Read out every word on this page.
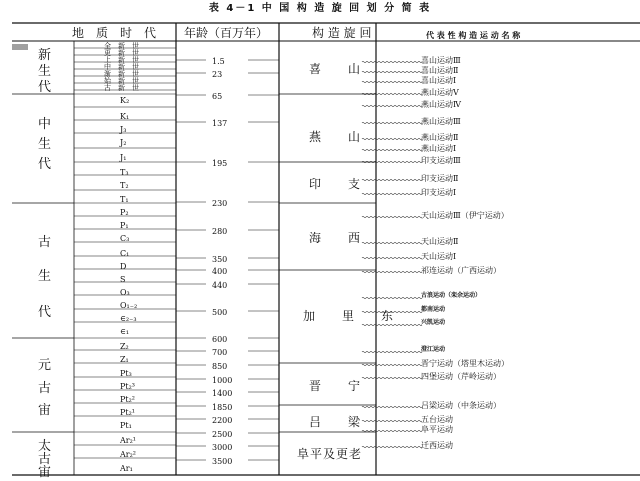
表 4－1 中 国 构 造 旋 回 划 分 简 表
地　质　时　代 年龄（百万年）	构 造 旋 回	代 表 性 构 造 运 动 名 称
新
生
代
中
生
代
古
生
代
元
古
宙
太
古
宙
全　新　世
更　新　世
上　新　世
中　新　世
渐　新　世
始　新　世
古　新　世
K₂
K₁
J₃
J₂
J₁
T₃
T₂
T₁
P₂
P₁
C₃
C₁
D
S
O₃
O₁₋₂
∈₂₋₃
∈₁
Z₂
Z₁
Pt₃
Pt₂³
Pt₂²
Pt₂¹
Pt₁
Ar₂¹
Ar₂²
Ar₁
1.5
23
65
137
195
230
280
350
400
440
500
600
700
850
1000
1400
1850
2200
2500
3000
3500
喜　　山
燕　　山
印　　支
海　　西
加　　里　　东
晋　　宁
吕　　梁
阜平及更老
喜山运动Ⅲ
喜山运动Ⅱ
喜山运动Ⅰ
燕山运动Ⅴ
燕山运动Ⅳ
燕山运动Ⅲ
燕山运动Ⅱ
燕山运动Ⅰ
印支运动Ⅲ
印支运动Ⅱ
印支运动Ⅰ
天山运动Ⅲ（伊宁运动）
天山运动Ⅱ
天山运动Ⅰ
祁连运动（广西运动）
古浪运动（栾余运动）
都南运动
兴凯运动
澄江运动
晋宁运动（塔里木运动）
四堡运动（芹岭运动）
吕梁运动（中条运动）
五台运动
阜平运动
迁西运动
